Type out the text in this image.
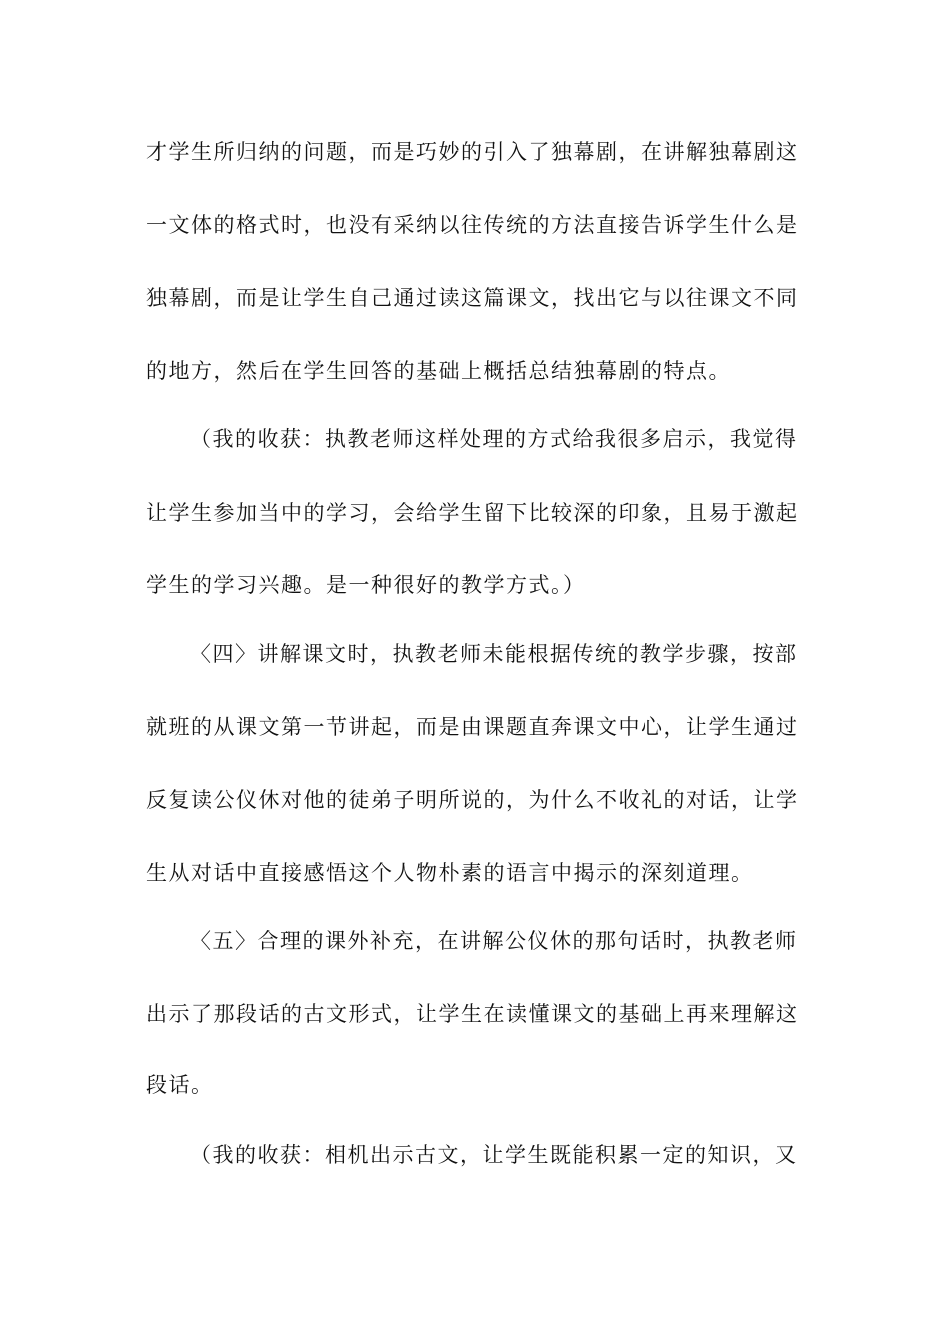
才学生所归纳的问题，而是巧妙的引入了独幕剧，在讲解独幕剧这
一文体的格式时，也没有采纳以往传统的方法直接告诉学生什么是
独幕剧，而是让学生自己通过读这篇课文，找出它与以往课文不同
的地方，然后在学生回答的基础上概括总结独幕剧的特点。
（我的收获：执教老师这样处理的方式给我很多启示，我觉得
让学生参加当中的学习，会给学生留下比较深的印象，且易于激起
学生的学习兴趣。是一种很好的教学方式。）
〈四〉讲解课文时，执教老师未能根据传统的教学步骤，按部
就班的从课文第一节讲起，而是由课题直奔课文中心，让学生通过
反复读公仪休对他的徒弟子明所说的，为什么不收礼的对话，让学
生从对话中直接感悟这个人物朴素的语言中揭示的深刻道理。
〈五〉合理的课外补充，在讲解公仪休的那句话时，执教老师
出示了那段话的古文形式，让学生在读懂课文的基础上再来理解这
段话。
（我的收获：相机出示古文，让学生既能积累一定的知识，又
